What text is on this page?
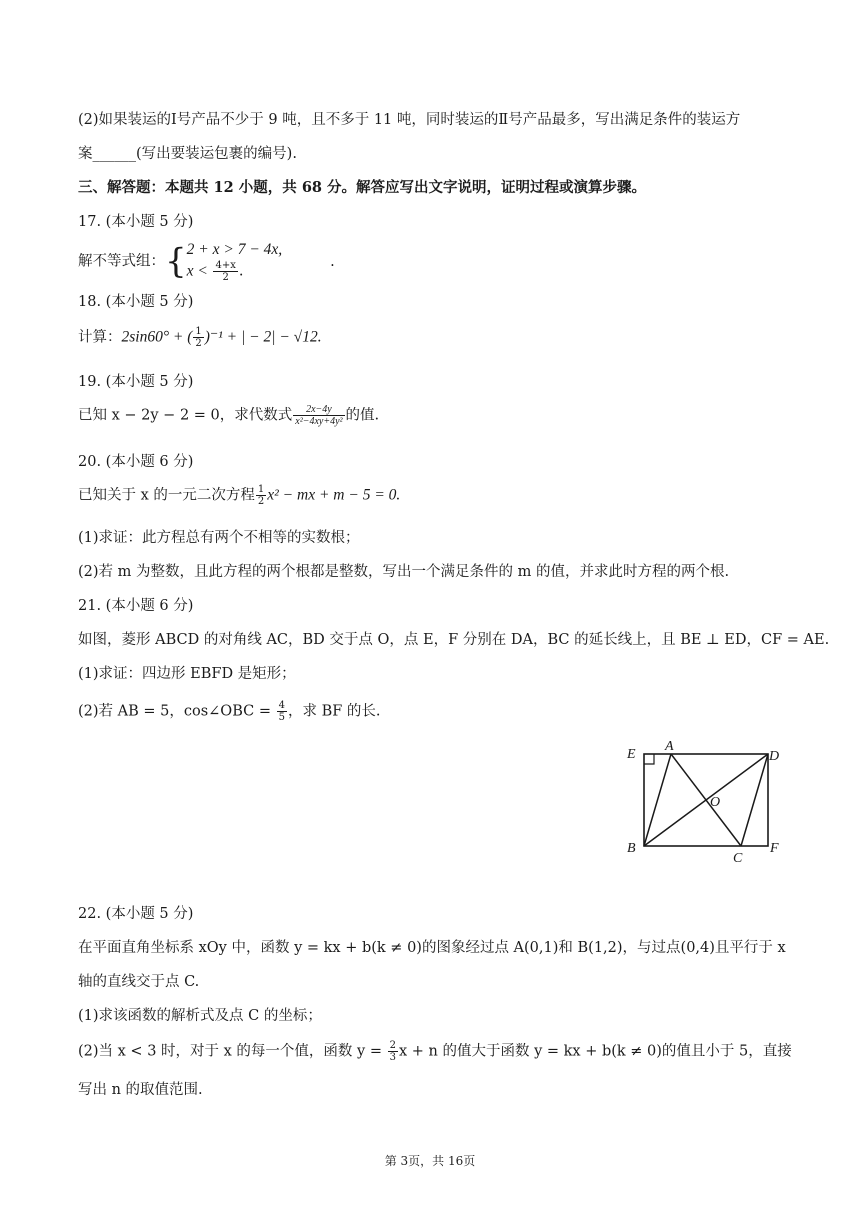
(2)如果装运的Ⅰ号产品不少于 9 吨，且不多于 11 吨，同时装运的Ⅱ号产品最多，写出满足条件的装运方
案______(写出要装运包裹的编号).
三、解答题：本题共 12 小题，共 68 分。解答应写出文字说明，证明过程或演算步骤。
17. (本小题 5 分)
解不等式组：{ 2 + x > 7 − 4x,
$x < \frac{4+x}{2}$ .
.
18. (本小题 5 分)
计算：2sin60° + ( $\frac{1}{2} )^{-1}$ + | − 2| − √12.
19. (本小题 5 分)
已知 x − 2y − 2 = 0，求代数式 $\frac{2x-4y}{\text{x²−4xy+4y²}}$ 的值.
20. (本小题 6 分)
已知关于 x 的一元二次方程 $\frac{1}{2} x^2$ − mx + m − 5 = 0.
(1)求证：此方程总有两个不相等的实数根；
(2)若 m 为整数，且此方程的两个根都是整数，写出一个满足条件的 m 的值，并求此时方程的两个根.
21. (本小题 6 分)
如图，菱形 ABCD 的对角线 AC，BD 交于点 O，点 E，F 分别在 DA，BC 的延长线上，且 BE ⊥ ED，CF = AE.
(1)求证：四边形 EBFD 是矩形；
(2)若 AB = 5，cos∠OBC = $\frac{4}{5}$ ，求 BF 的长.
E
A
D
O
B
C
F
22. (本小题 5 分)
在平面直角坐标系 xOy 中，函数 y = kx + b(k ≠ 0)的图象经过点 A(0,1)和 B(1,2)，与过点(0,4)且平行于 x
轴的直线交于点 C.
(1)求该函数的解析式及点 C 的坐标；
(2)当 x < 3 时，对于 x 的每一个值，函数 $y = \frac{2}{3}$ x + n 的值大于函数 y = kx + b(k ≠ 0)的值且小于 5，直接
写出 n 的取值范围.
第 3页，共 16页
